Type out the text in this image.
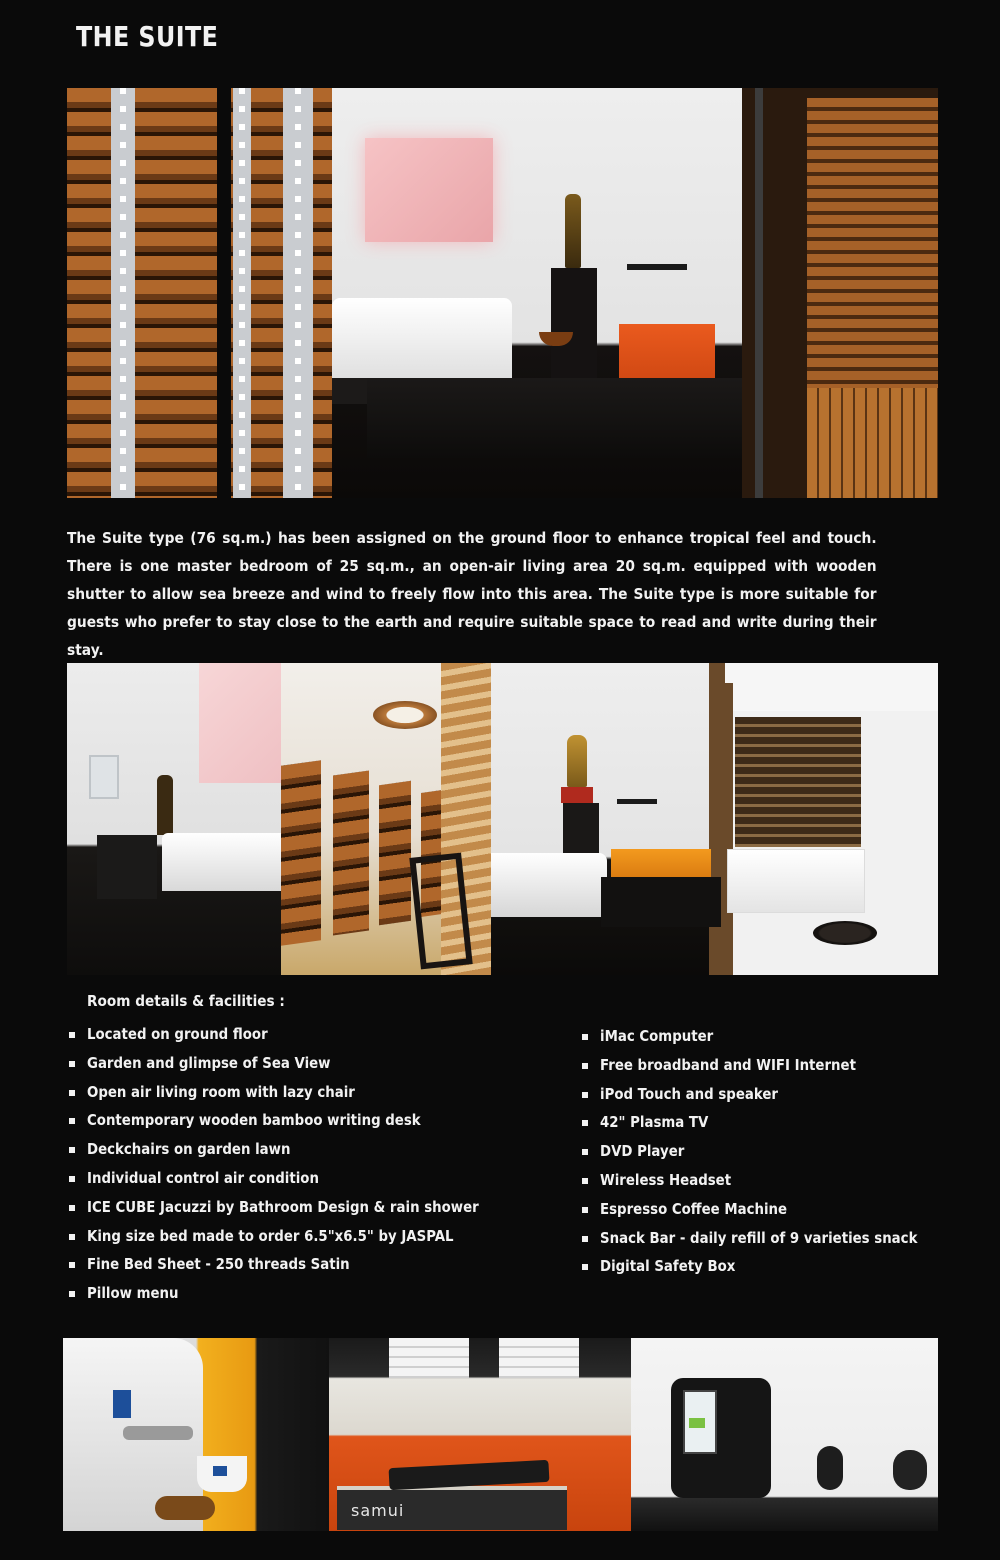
THE SUITE
The Suite type (76 sq.m.) has been assigned on the ground floor to enhance tropical feel and touch. There is one master bedroom of 25 sq.m., an open-air living area 20 sq.m. equipped with wooden shutter to allow sea breeze and wind to freely flow into this area. The Suite type is more suitable for guests who prefer to stay close to the earth and require suitable space to read and write during their stay.
Room details & facilities :
Located on ground floor
Garden and glimpse of Sea View
Open air living room with lazy chair
Contemporary wooden bamboo writing desk
Deckchairs on garden lawn
Individual control air condition
ICE CUBE Jacuzzi by Bathroom Design & rain shower
King size bed made to order 6.5"x6.5" by JASPAL
Fine Bed Sheet - 250 threads Satin
Pillow menu
iMac Computer
Free broadband and WIFI Internet
iPod Touch and speaker
42" Plasma TV
DVD Player
Wireless Headset
Espresso Coffee Machine
Snack Bar - daily refill of 9 varieties snack
Digital Safety Box
samui
